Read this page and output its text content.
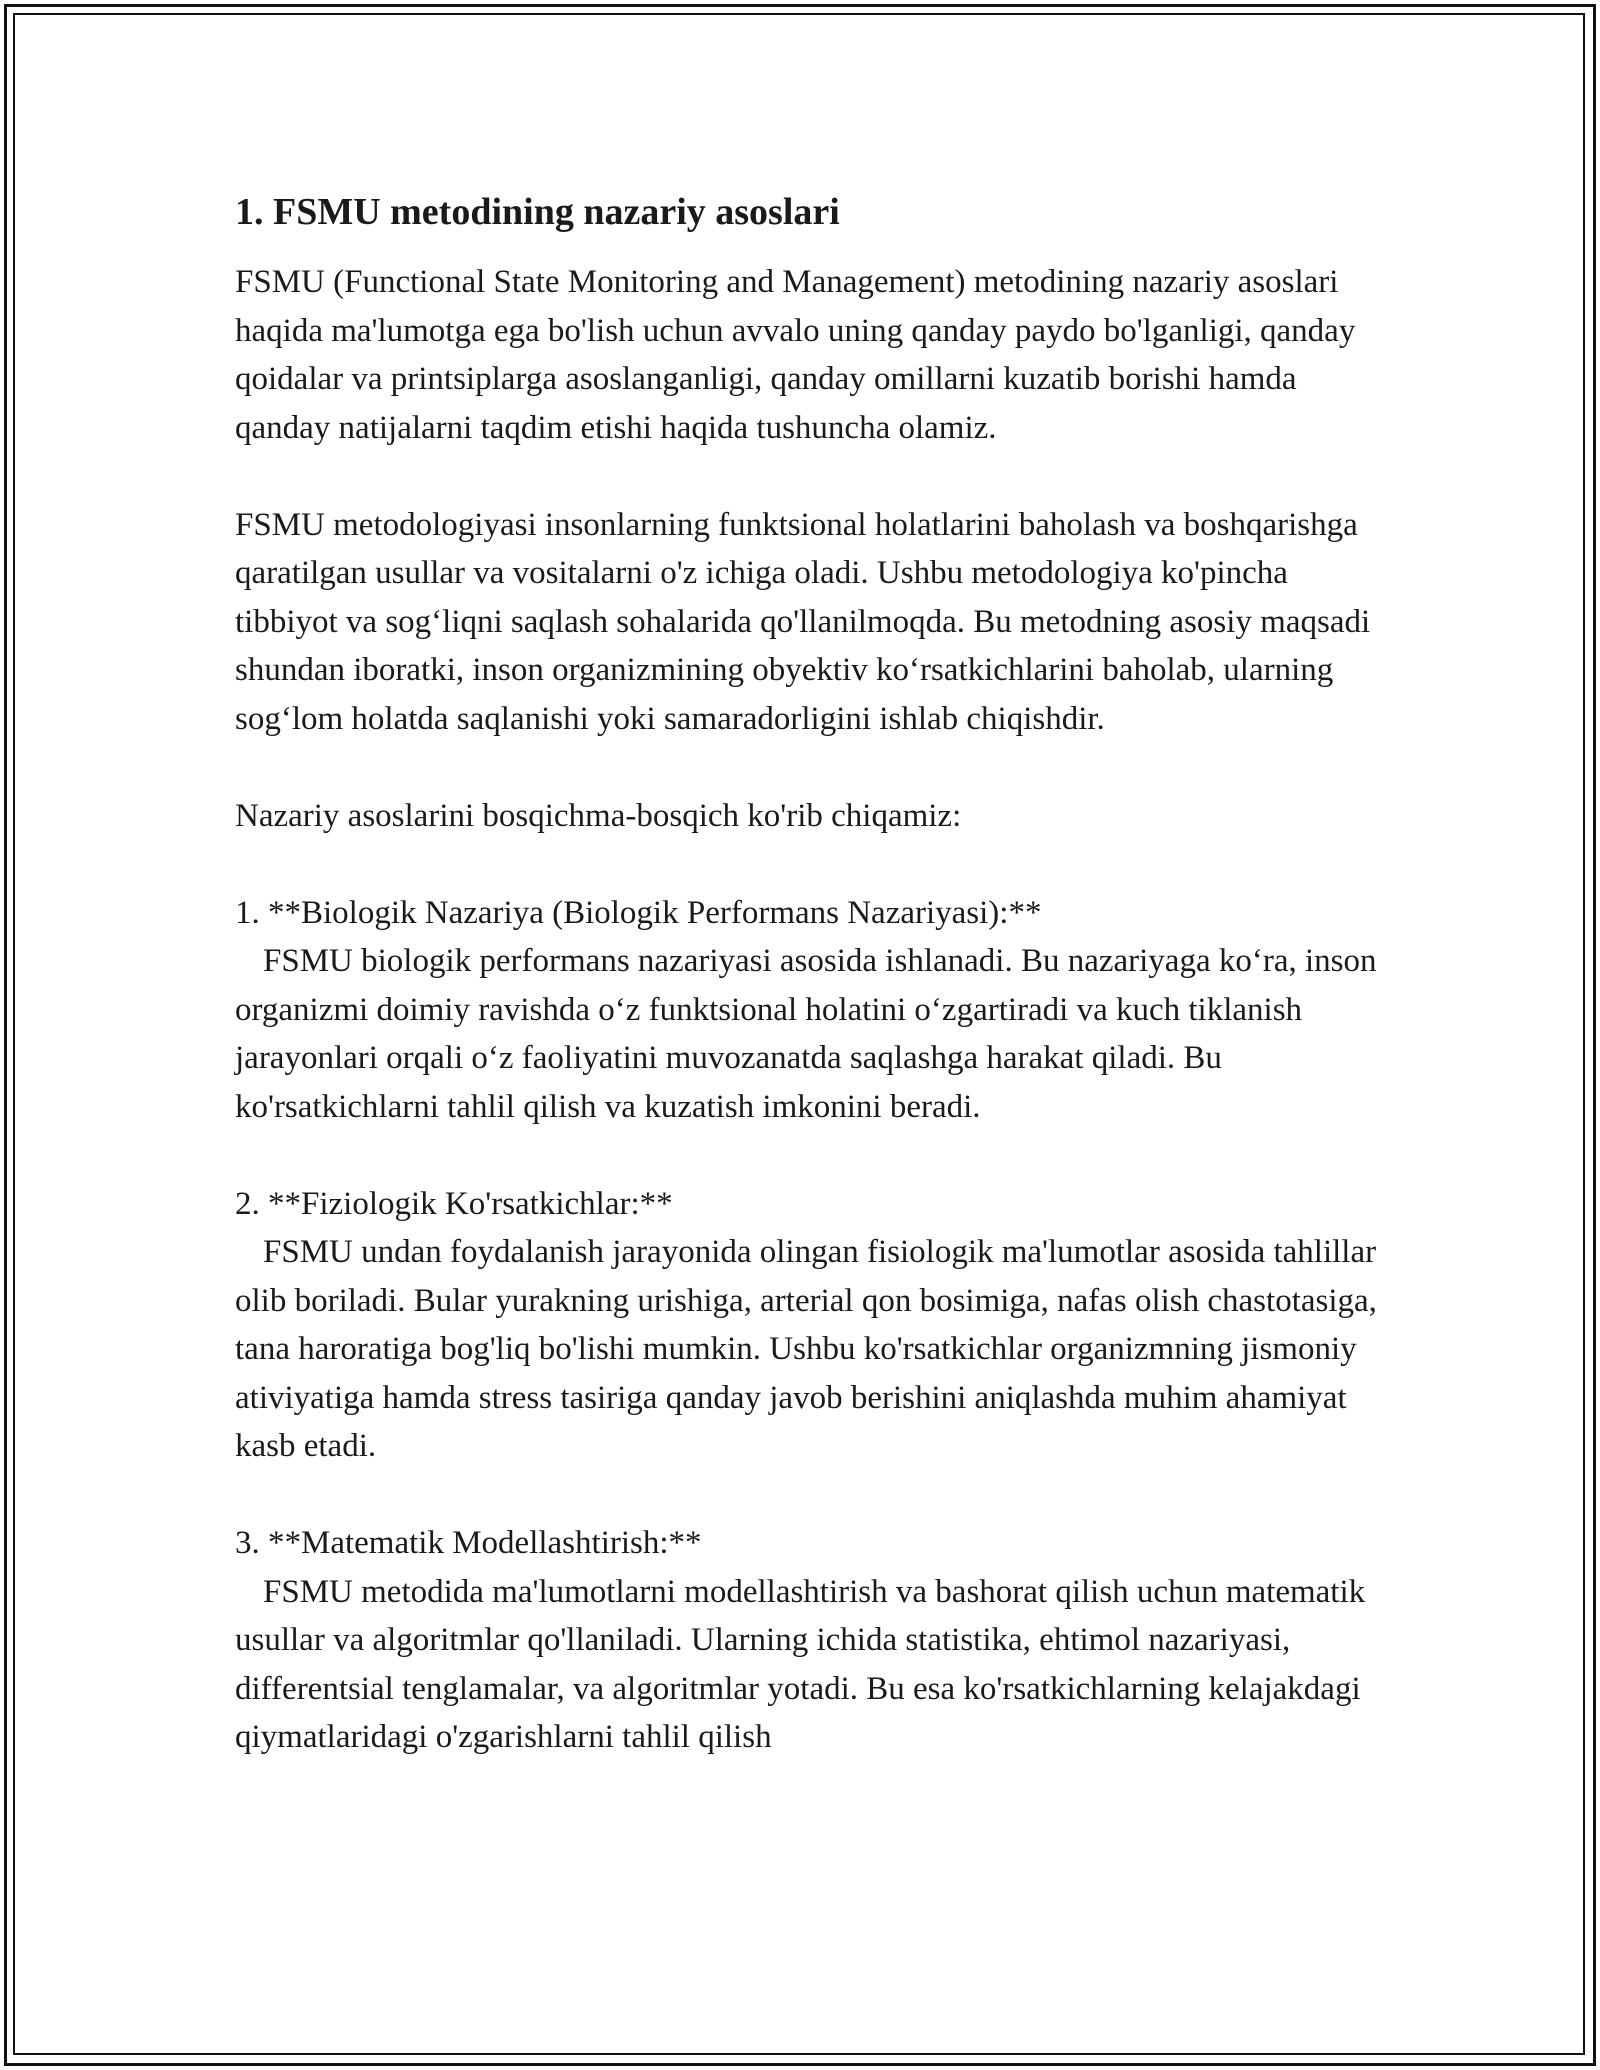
1. FSMU metodining nazariy asoslari

FSMU (Functional State Monitoring and Management) metodining nazariy asoslari haqida ma'lumotga ega bo'lish uchun avvalo uning qanday paydo bo'lganligi, qanday qoidalar va printsiplarga asoslanganligi, qanday omillarni kuzatib borishi hamda qanday natijalarni taqdim etishi haqida tushuncha olamiz.

FSMU metodologiyasi insonlarning funktsional holatlarini baholash va boshqarishga qaratilgan usullar va vositalarni o'z ichiga oladi. Ushbu metodologiya ko'pincha tibbiyot va sog‘liqni saqlash sohalarida qo'llanilmoqda. Bu metodning asosiy maqsadi shundan iboratki, inson organizmining obyektiv ko‘rsatkichlarini baholab, ularning sog‘lom holatda saqlanishi yoki samaradorligini ishlab chiqishdir.

Nazariy asoslarini bosqichma-bosqich ko'rib chiqamiz:

1. **Biologik Nazariya (Biologik Performans Nazariyasi):**
FSMU biologik performans nazariyasi asosida ishlanadi. Bu nazariyaga ko‘ra, inson organizmi doimiy ravishda o‘z funktsional holatini o‘zgartiradi va kuch tiklanish jarayonlari orqali o‘z faoliyatini muvozanatda saqlashga harakat qiladi. Bu ko'rsatkichlarni tahlil qilish va kuzatish imkonini beradi.
2. **Fiziologik Ko'rsatkichlar:**
FSMU undan foydalanish jarayonida olingan fisiologik ma'lumotlar asosida tahlillar olib boriladi. Bular yurakning urishiga, arterial qon bosimiga, nafas olish chastotasiga, tana haroratiga bog'liq bo'lishi mumkin. Ushbu ko'rsatkichlar organizmning jismoniy ativiyatiga hamda stress tasiriga qanday javob berishini aniqlashda muhim ahamiyat kasb etadi.
3. **Matematik Modellashtirish:**
FSMU metodida ma'lumotlarni modellashtirish va bashorat qilish uchun matematik usullar va algoritmlar qo'llaniladi. Ularning ichida statistika, ehtimol nazariyasi, differentsial tenglamalar, va algoritmlar yotadi. Bu esa ko'rsatkichlarning kelajakdagi qiymatlaridagi o'zgarishlarni tahlil qilish
